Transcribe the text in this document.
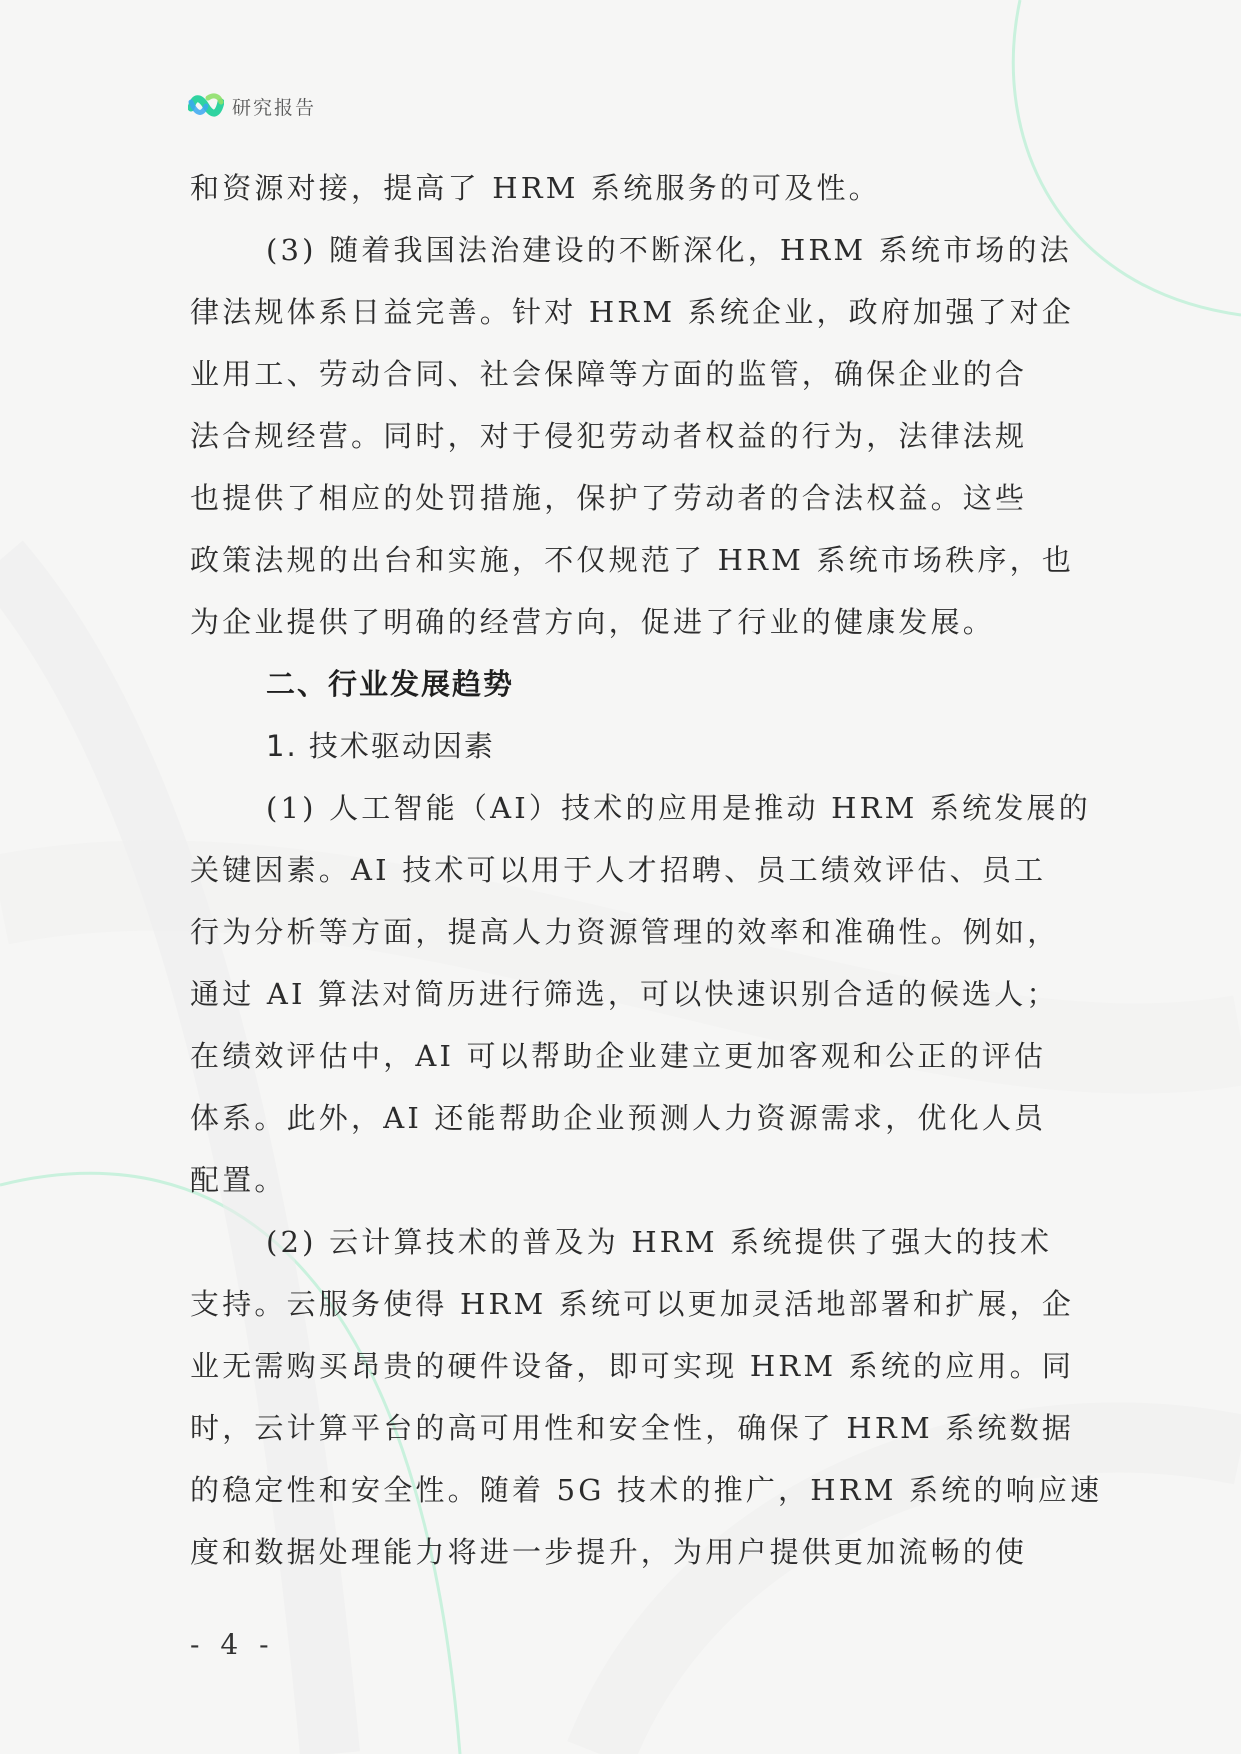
研究报告
和资源对接，提高了 HRM 系统服务的可及性。
(3) 随着我国法治建设的不断深化，HRM 系统市场的法
律法规体系日益完善。针对 HRM 系统企业，政府加强了对企
业用工、劳动合同、社会保障等方面的监管，确保企业的合
法合规经营。同时，对于侵犯劳动者权益的行为，法律法规
也提供了相应的处罚措施，保护了劳动者的合法权益。这些
政策法规的出台和实施，不仅规范了 HRM 系统市场秩序，也
为企业提供了明确的经营方向，促进了行业的健康发展。
二、行业发展趋势
1. 技术驱动因素
(1) 人工智能（AI）技术的应用是推动 HRM 系统发展的
关键因素。AI 技术可以用于人才招聘、员工绩效评估、员工
行为分析等方面，提高人力资源管理的效率和准确性。例如，
通过 AI 算法对简历进行筛选，可以快速识别合适的候选人；
在绩效评估中，AI 可以帮助企业建立更加客观和公正的评估
体系。此外，AI 还能帮助企业预测人力资源需求，优化人员
配置。
(2) 云计算技术的普及为 HRM 系统提供了强大的技术
支持。云服务使得 HRM 系统可以更加灵活地部署和扩展，企
业无需购买昂贵的硬件设备，即可实现 HRM 系统的应用。同
时，云计算平台的高可用性和安全性，确保了 HRM 系统数据
的稳定性和安全性。随着 5G 技术的推广，HRM 系统的响应速
度和数据处理能力将进一步提升，为用户提供更加流畅的使
- 4 -
